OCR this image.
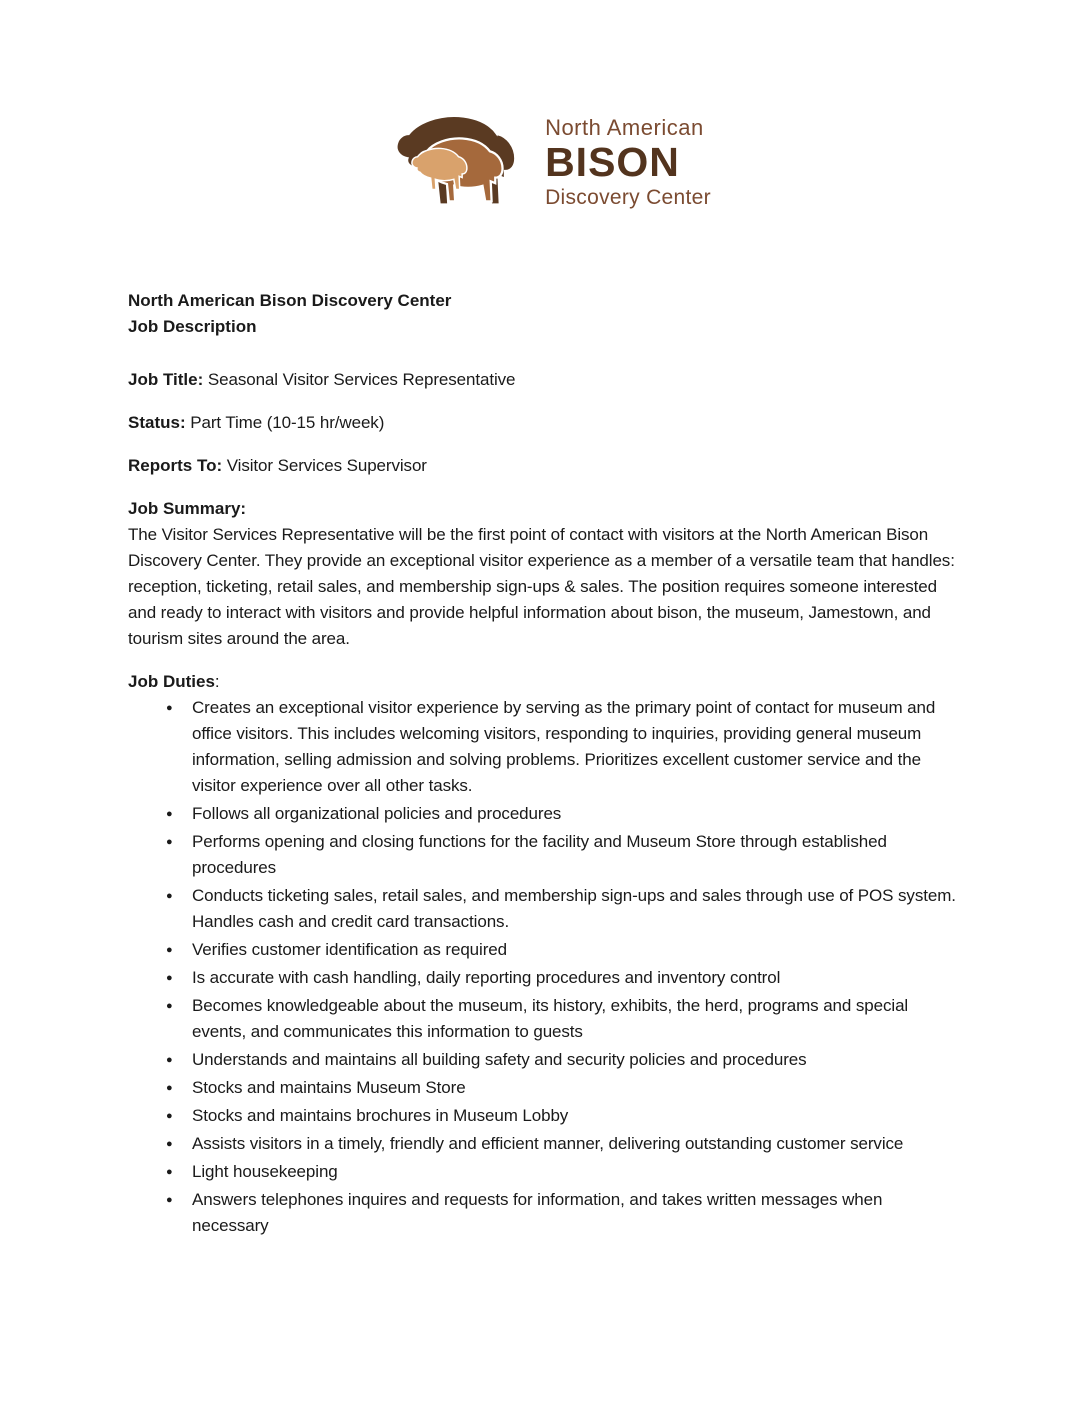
North American
BISON
Discovery Center
North American Bison Discovery Center
Job Description

Job Title: Seasonal Visitor Services Representative

Status: Part Time (10-15 hr/week)

Reports To: Visitor Services Supervisor

Job Summary:

The Visitor Services Representative will be the first point of contact with visitors at the North American Bison Discovery Center. They provide an exceptional visitor experience as a member of a versatile team that handles: reception, ticketing, retail sales, and membership sign-ups & sales. The position requires someone interested and ready to interact with visitors and provide helpful information about bison, the museum, Jamestown, and tourism sites around the area.

Job Duties:
●	Creates an exceptional visitor experience by serving as the primary point of contact for museum and office visitors. This includes welcoming visitors, responding to inquiries, providing general museum information, selling admission and solving problems. Prioritizes excellent customer service and the visitor experience over all other tasks.
●	Follows all organizational policies and procedures
●	Performs opening and closing functions for the facility and Museum Store through established procedures
●	Conducts ticketing sales, retail sales, and membership sign-ups and sales through use of POS system. Handles cash and credit card transactions.
●	Verifies customer identification as required
●	Is accurate with cash handling, daily reporting procedures and inventory control
●	Becomes knowledgeable about the museum, its history, exhibits, the herd, programs and special events, and communicates this information to guests
●	Understands and maintains all building safety and security policies and procedures
●	Stocks and maintains Museum Store
●	Stocks and maintains brochures in Museum Lobby
●	Assists visitors in a timely, friendly and efficient manner, delivering outstanding customer service
●	Light housekeeping
●	Answers telephones inquires and requests for information, and takes written messages when necessary
